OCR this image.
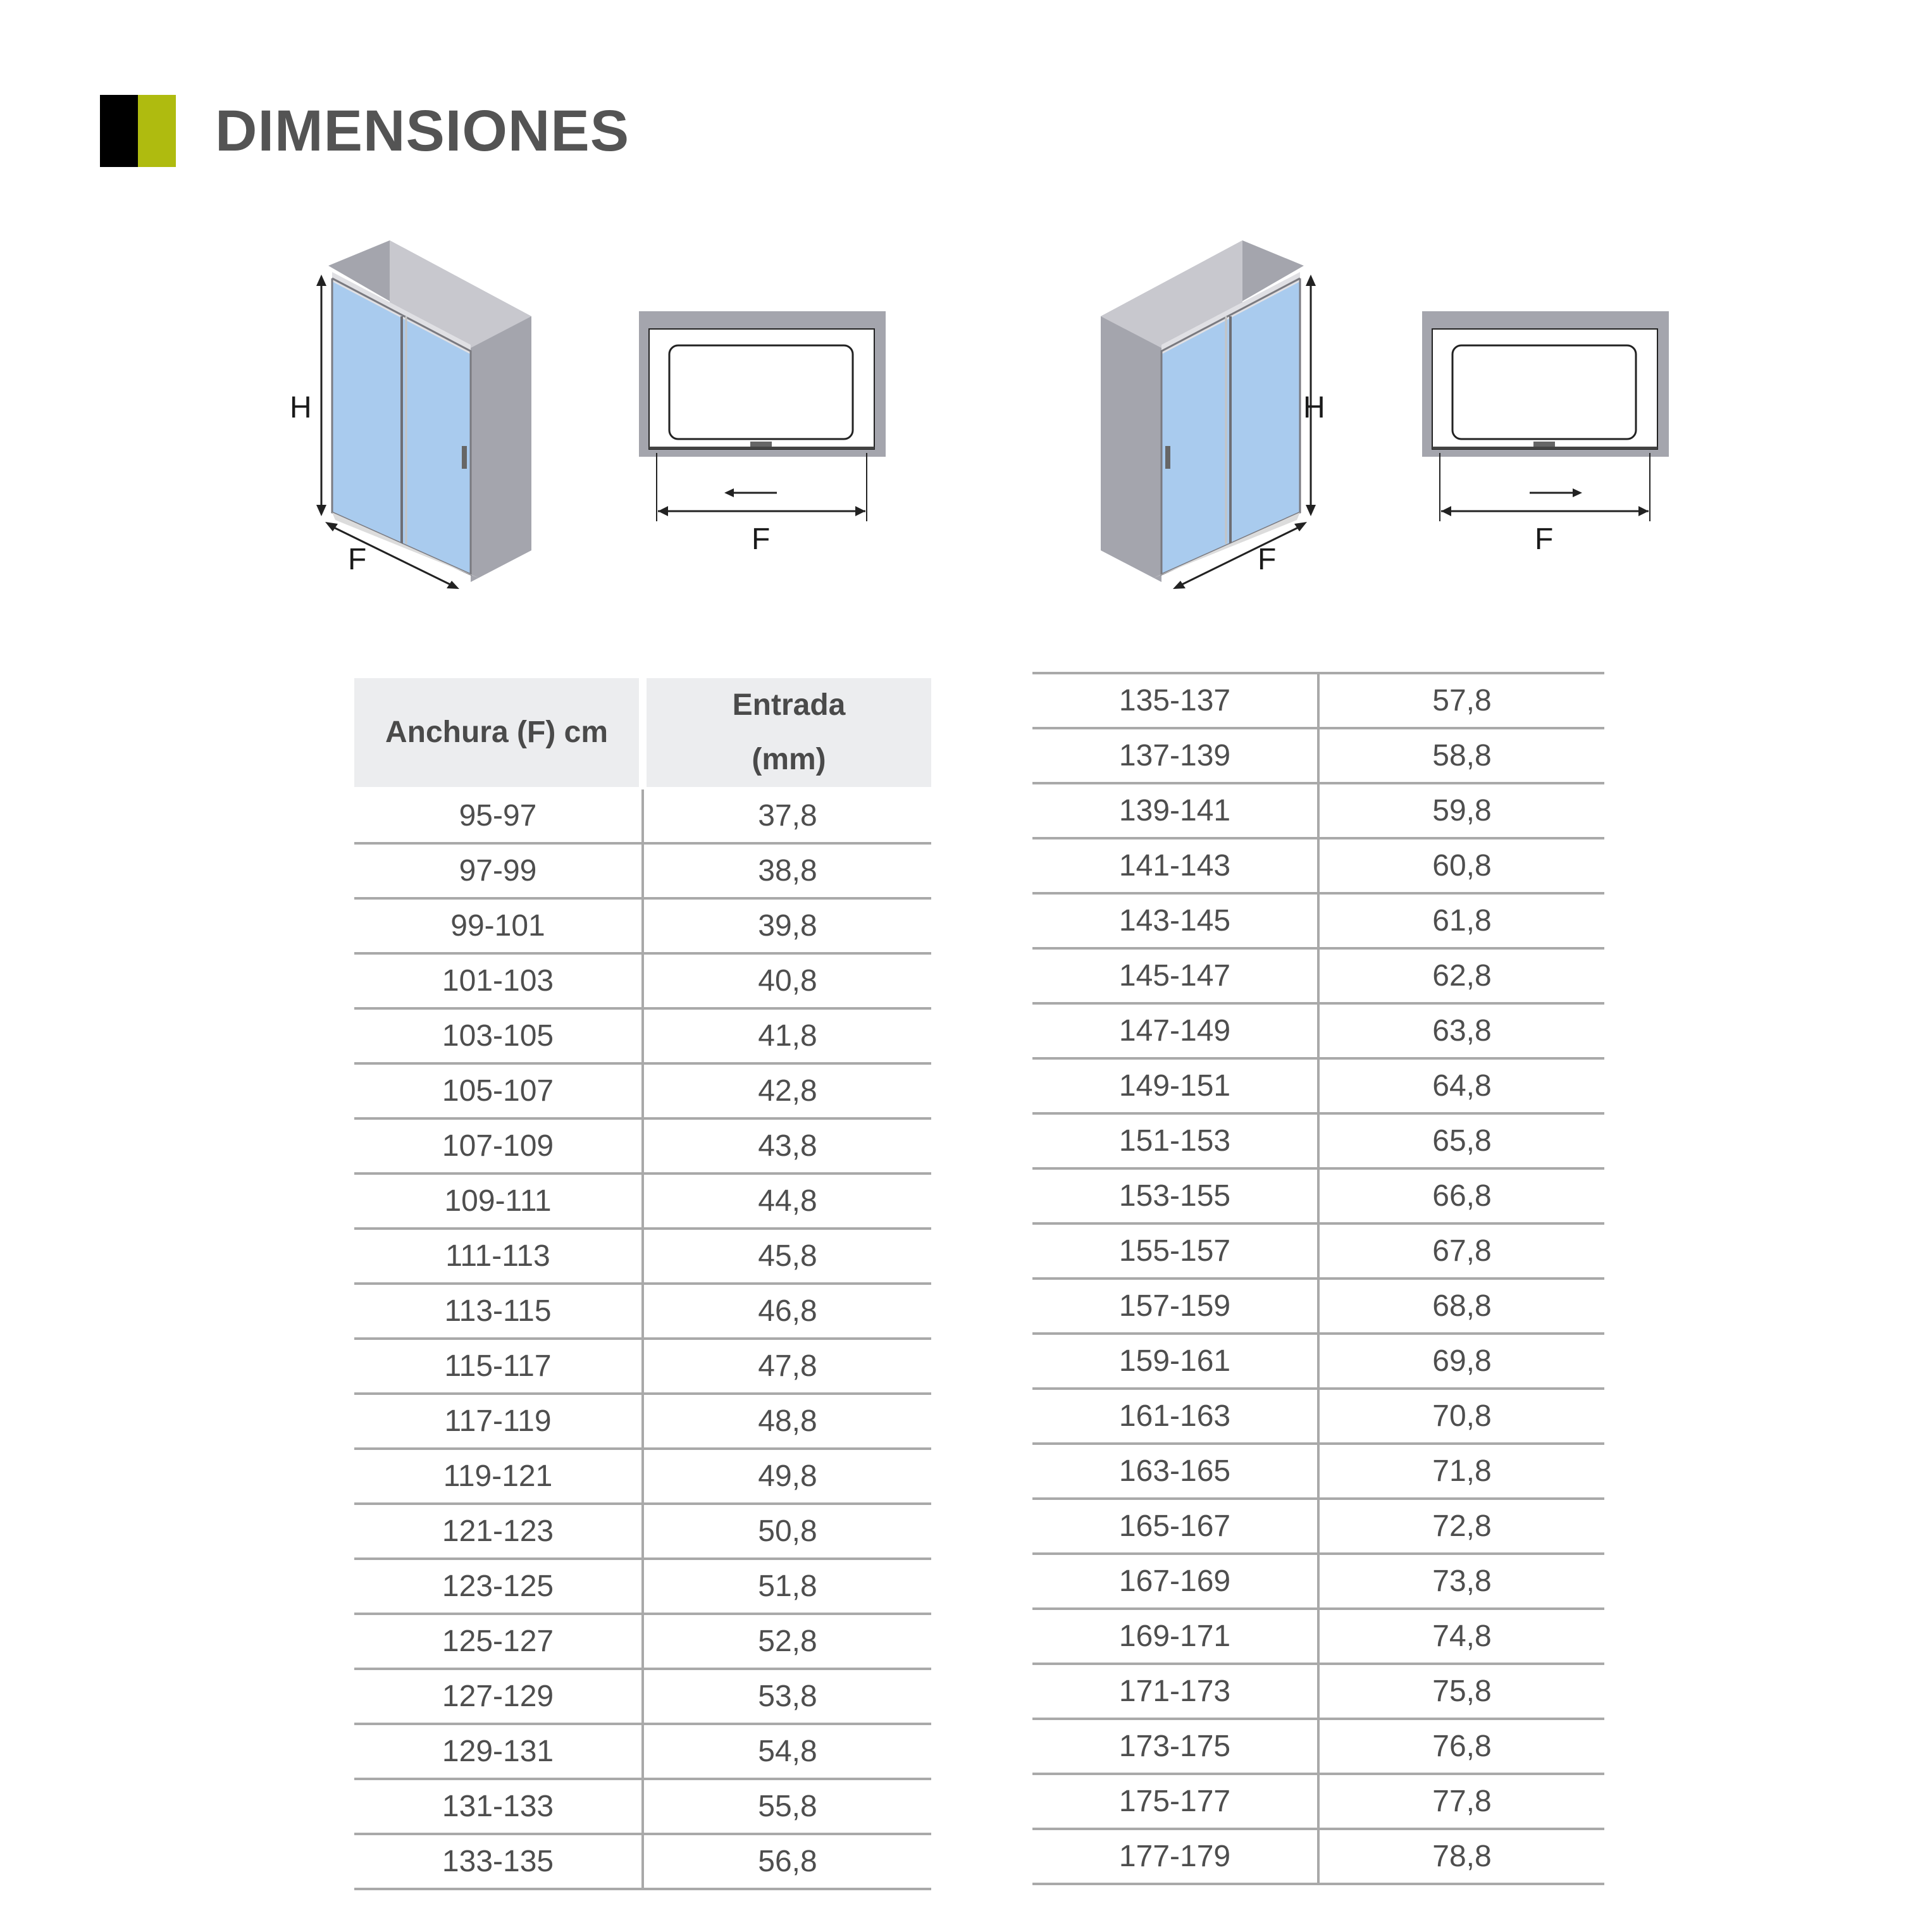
DIMENSIONES
H
F
F
H
F
F
Anchura (F) cm	Entrada
(mm)
95-97	37,8
97-99	38,8
99-101	39,8
101-103	40,8
103-105	41,8
105-107	42,8
107-109	43,8
109-111	44,8
111-113	45,8
113-115	46,8
115-117	47,8
117-119	48,8
119-121	49,8
121-123	50,8
123-125	51,8
125-127	52,8
127-129	53,8
129-131	54,8
131-133	55,8
133-135	56,8
135-137	57,8
137-139	58,8
139-141	59,8
141-143	60,8
143-145	61,8
145-147	62,8
147-149	63,8
149-151	64,8
151-153	65,8
153-155	66,8
155-157	67,8
157-159	68,8
159-161	69,8
161-163	70,8
163-165	71,8
165-167	72,8
167-169	73,8
169-171	74,8
171-173	75,8
173-175	76,8
175-177	77,8
177-179	78,8
